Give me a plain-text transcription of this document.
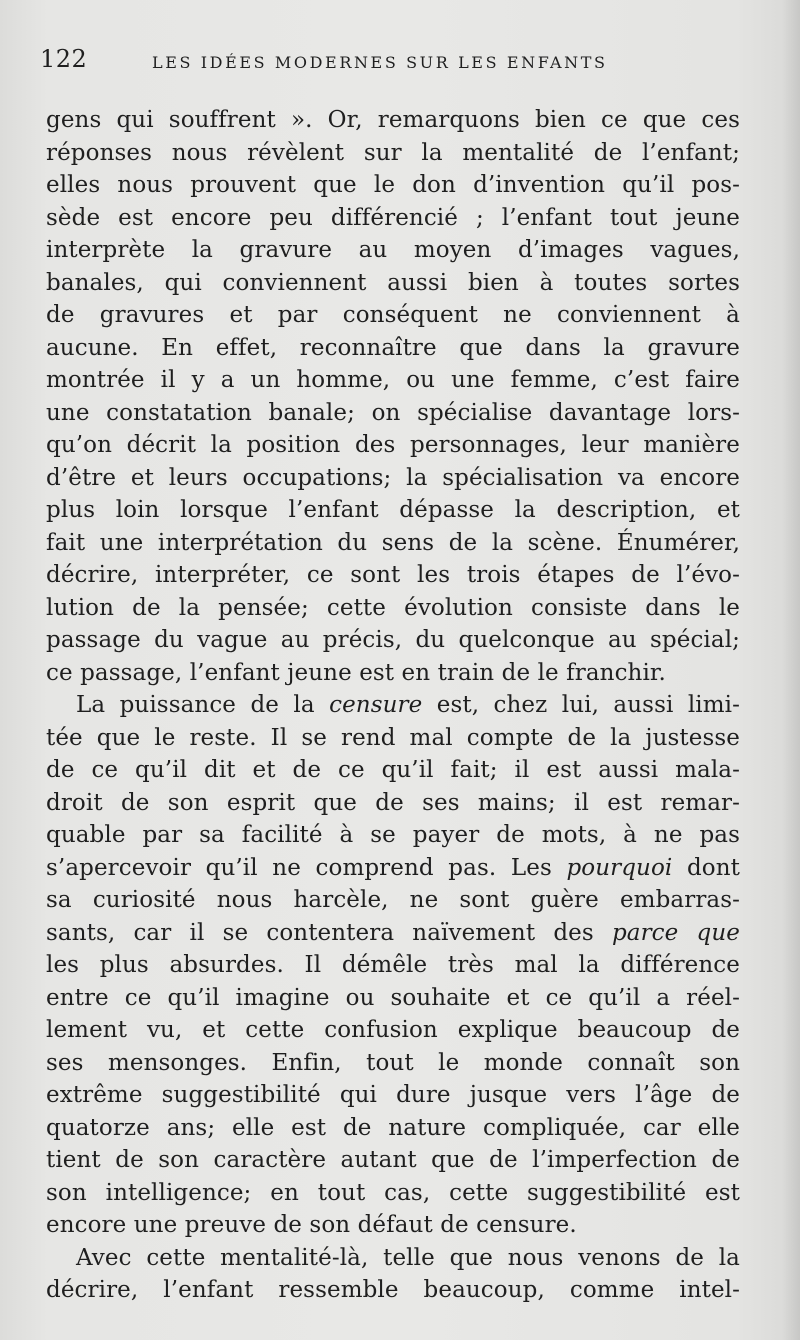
122	LES IDÉES MODERNES SUR LES ENFANTS
gens qui souffrent ». Or, remarquons bien ce que ces
réponses nous révèlent sur la mentalité de l’enfant;
elles nous prouvent que le don d’invention qu’il pos-
sède est encore peu différencié ; l’enfant tout jeune
interprète la gravure au moyen d’images vagues,
banales, qui conviennent aussi bien à toutes sortes
de gravures et par conséquent ne conviennent à
aucune. En effet, reconnaître que dans la gravure
montrée il y a un homme, ou une femme, c’est faire
une constatation banale; on spécialise davantage lors-
qu’on décrit la position des personnages, leur manière
d’être et leurs occupations; la spécialisation va encore
plus loin lorsque l’enfant dépasse la description, et
fait une interprétation du sens de la scène. Énumérer,
décrire, interpréter, ce sont les trois étapes de l’évo-
lution de la pensée; cette évolution consiste dans le
passage du vague au précis, du quelconque au spécial;
ce passage, l’enfant jeune est en train de le franchir.
La puissance de la censure est, chez lui, aussi limi-
tée que le reste. Il se rend mal compte de la justesse
de ce qu’il dit et de ce qu’il fait; il est aussi mala-
droit de son esprit que de ses mains; il est remar-
quable par sa facilité à se payer de mots, à ne pas
s’apercevoir qu’il ne comprend pas. Les pourquoi dont
sa curiosité nous harcèle, ne sont guère embarras-
sants, car il se contentera naïvement des parce que
les plus absurdes. Il démêle très mal la différence
entre ce qu’il imagine ou souhaite et ce qu’il a réel-
lement vu, et cette confusion explique beaucoup de
ses mensonges. Enfin, tout le monde connaît son
extrême suggestibilité qui dure jusque vers l’âge de
quatorze ans; elle est de nature compliquée, car elle
tient de son caractère autant que de l’imperfection de
son intelligence; en tout cas, cette suggestibilité est
encore une preuve de son défaut de censure.
Avec cette mentalité-là, telle que nous venons de la
décrire, l’enfant ressemble beaucoup, comme intel-
